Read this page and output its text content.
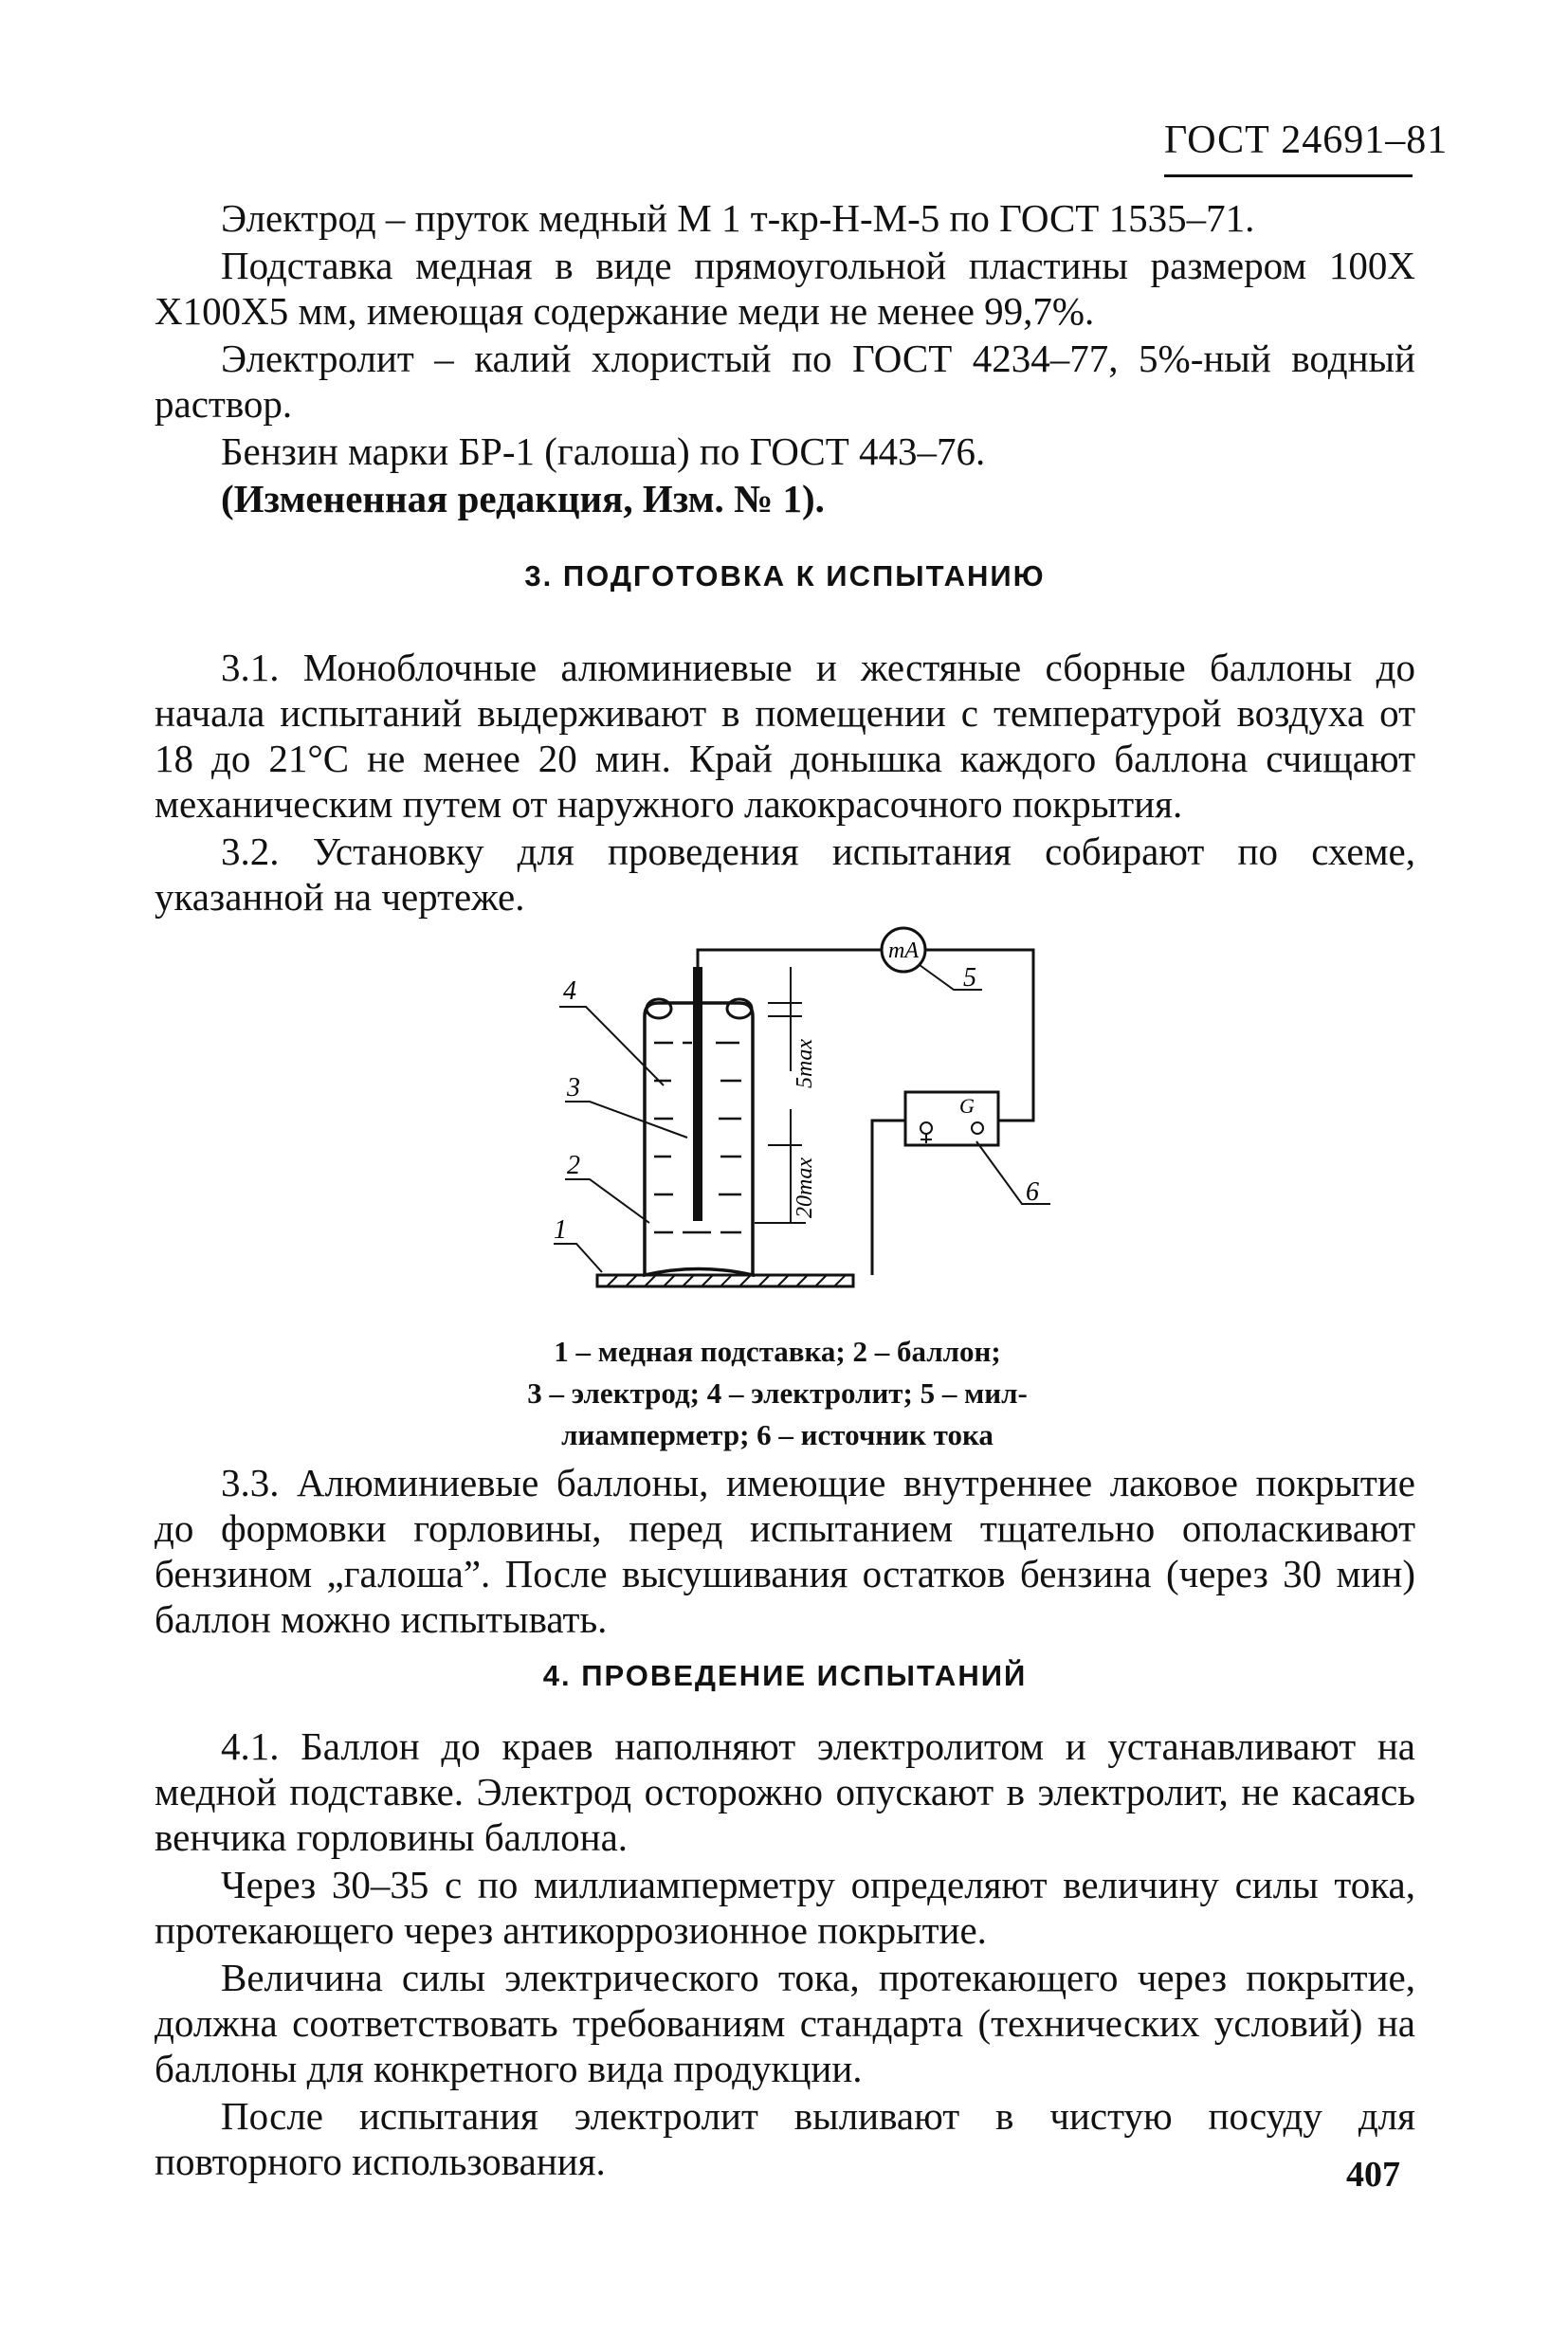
ГОСТ 24691–81

Электрод – пруток медный М 1 т-кр-Н-М-5 по ГОСТ 1535–71.

Подставка медная в виде прямоугольной пластины размером 100Х Х100Х5 мм, имеющая содержание меди не менее 99,7%.

Электролит – калий хлористый по ГОСТ 4234–77, 5%-ный водный раствор.

Бензин марки БР-1 (галоша) по ГОСТ 443–76.

(Измененная редакция, Изм. № 1).

3. ПОДГОТОВКА К ИСПЫТАНИЮ

3.1. Моноблочные алюминиевые и жестяные сборные баллоны до начала испытаний выдерживают в помещении с температурой воздуха от 18 до 21°С не менее 20 мин. Край донышка каждого баллона счищают механическим путем от наружного лакокрасочного покрытия.

3.2. Установку для проведения испытания собирают по схеме, указанной на чертеже.

5max
20max
mA
G
4
3
2
1
5
6
1 – медная подставка; 2 – баллон;
3 – электрод; 4 – электролит; 5 – мил-
лиамперметр; 6 – источник тока

3.3. Алюминиевые баллоны, имеющие внутреннее лаковое покрытие до формовки горловины, перед испытанием тщательно ополаскивают бензином „галоша”. После высушивания остатков бензина (через 30 мин) баллон можно испытывать.

4. ПРОВЕДЕНИЕ ИСПЫТАНИЙ

4.1. Баллон до краев наполняют электролитом и устанавливают на медной подставке. Электрод осторожно опускают в электролит, не касаясь венчика горловины баллона.

Через 30–35 с по миллиамперметру определяют величину силы тока, протекающего через антикоррозионное покрытие.

Величина силы электрического тока, протекающего через покрытие, должна соответствовать требованиям стандарта (технических условий) на баллоны для конкретного вида продукции.

После испытания электролит выливают в чистую посуду для повторного использования.	407
